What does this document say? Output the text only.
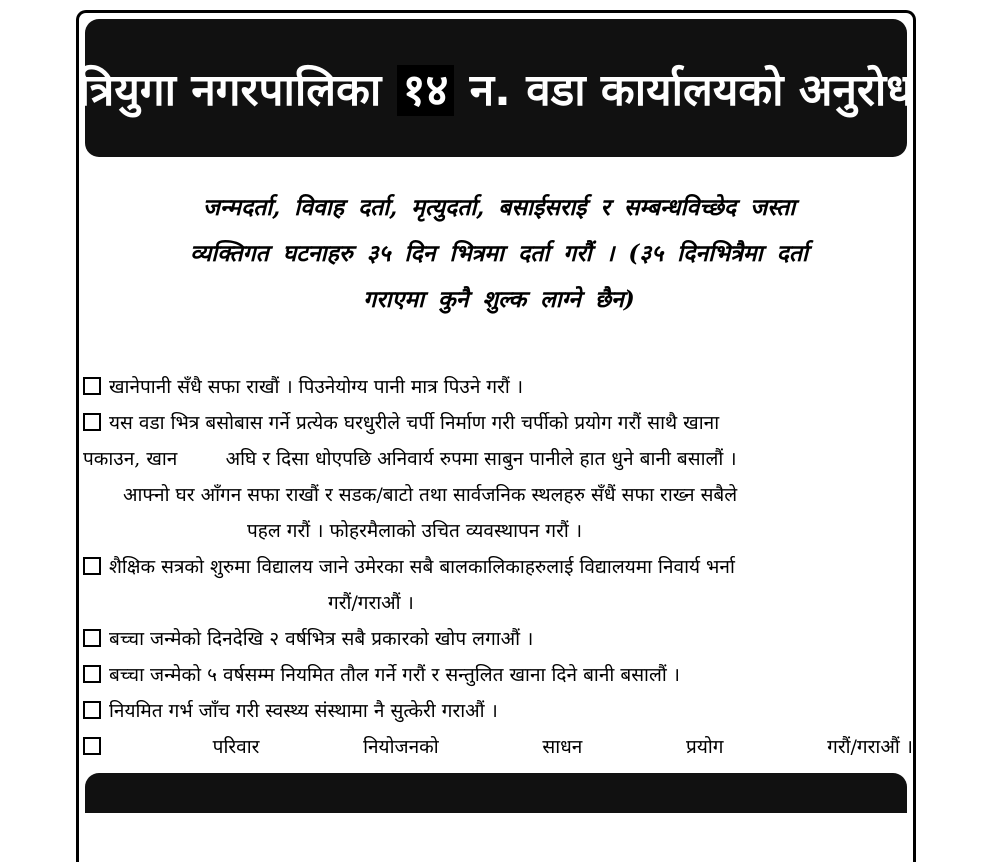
त्रियुगा नगरपालिका १४ न. वडा कार्यालयको अनुरोध
जन्मदर्ता, विवाह दर्ता, मृत्युदर्ता, बसाईसराई र सम्बन्धविच्छेद जस्ता
व्यक्तिगत घटनाहरु ३५ दिन भित्रमा दर्ता गरौं । (३५ दिनभित्रैमा दर्ता
गराएमा कुनै शुल्क लाग्ने छैन)
खानेपानी सँधै सफा राखौं । पिउनेयोग्य पानी मात्र पिउने गरौं ।
यस वडा भित्र बसोबास गर्ने प्रत्येक घरधुरीले चर्पी निर्माण गरी चर्पीको प्रयोग गरौं साथै खाना
पकाउन, खान        अघि र दिसा धोएपछि अनिवार्य रुपमा साबुन पानीले हात धुने बानी बसालौं ।
आफ्नो घर आँगन सफा राखौं र सडक/बाटो तथा सार्वजनिक स्थलहरु सँधैं सफा राख्न सबैले
पहल गरौं । फोहरमैलाको उचित व्यवस्थापन गरौं ।
शैक्षिक सत्रको शुरुमा विद्यालय जाने उमेरका सबै बालकालिकाहरुलाई विद्यालयमा निवार्य भर्ना
गरौं/गराऔं ।
बच्चा जन्मेको दिनदेखि २ वर्षभित्र सबै प्रकारको खोप लगाऔं ।
बच्चा जन्मेको ५ वर्षसम्म नियमित तौल गर्ने गरौं र सन्तुलित खाना दिने बानी बसालौं ।
नियमित गर्भ जाँच गरी स्वस्थ्य संस्थामा नै सुत्केरी गराऔं ।
परिवार	नियोजनको	साधन	प्रयोग	गरौं/गराऔं ।
